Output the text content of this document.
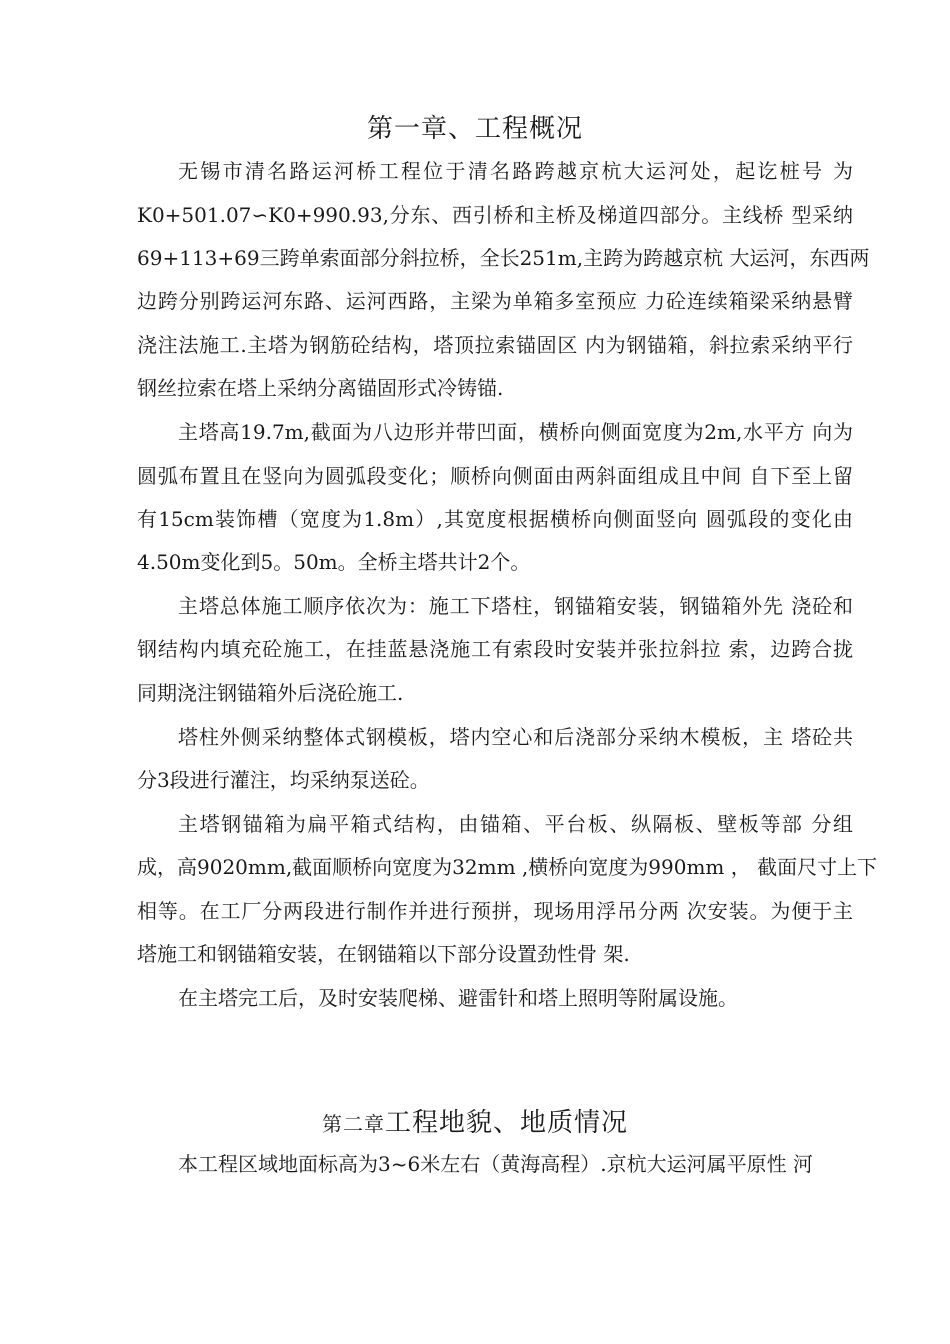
第一章、工程概况
无锡市清名路运河桥工程位于清名路跨越京杭大运河处，起讫桩号 为
K0+501.07∽K0+990.93,分东、西引桥和主桥及梯道四部分。主线桥 型采纳
69+113+69三跨单索面部分斜拉桥，全长251m,主跨为跨越京杭 大运河，东西两
边跨分别跨运河东路、运河西路，主梁为单箱多室预应 力砼连续箱梁采纳悬臂
浇注法施工.主塔为钢筋砼结构，塔顶拉索锚固区 内为钢锚箱，斜拉索采纳平行
钢丝拉索在塔上采纳分离锚固形式冷铸锚.
主塔高19.7m,截面为八边形并带凹面，横桥向侧面宽度为2m,水平方 向为
圆弧布置且在竖向为圆弧段变化；顺桥向侧面由两斜面组成且中间 自下至上留
有15cm装饰槽（宽度为1.8m）,其宽度根据横桥向侧面竖向 圆弧段的变化由
4.50m变化到5。50m。全桥主塔共计2个。
主塔总体施工顺序依次为：施工下塔柱，钢锚箱安装，钢锚箱外先 浇砼和
钢结构内填充砼施工，在挂蓝悬浇施工有索段时安装并张拉斜拉 索，边跨合拢
同期浇注钢锚箱外后浇砼施工.
塔柱外侧采纳整体式钢模板，塔内空心和后浇部分采纳木模板，主 塔砼共
分3段进行灌注，均采纳泵送砼。
主塔钢锚箱为扁平箱式结构，由锚箱、平台板、纵隔板、壁板等部 分组
成，高9020mm,截面顺桥向宽度为32mm ,横桥向宽度为990mm ， 截面尺寸上下
相等。在工厂分两段进行制作并进行预拼，现场用浮吊分两 次安装。为便于主
塔施工和钢锚箱安装，在钢锚箱以下部分设置劲性骨 架.
在主塔完工后，及时安装爬梯、避雷针和塔上照明等附属设施。
第二章工程地貌、地质情况
本工程区域地面标高为3~6米左右（黄海高程）.京杭大运河属平原性 河
